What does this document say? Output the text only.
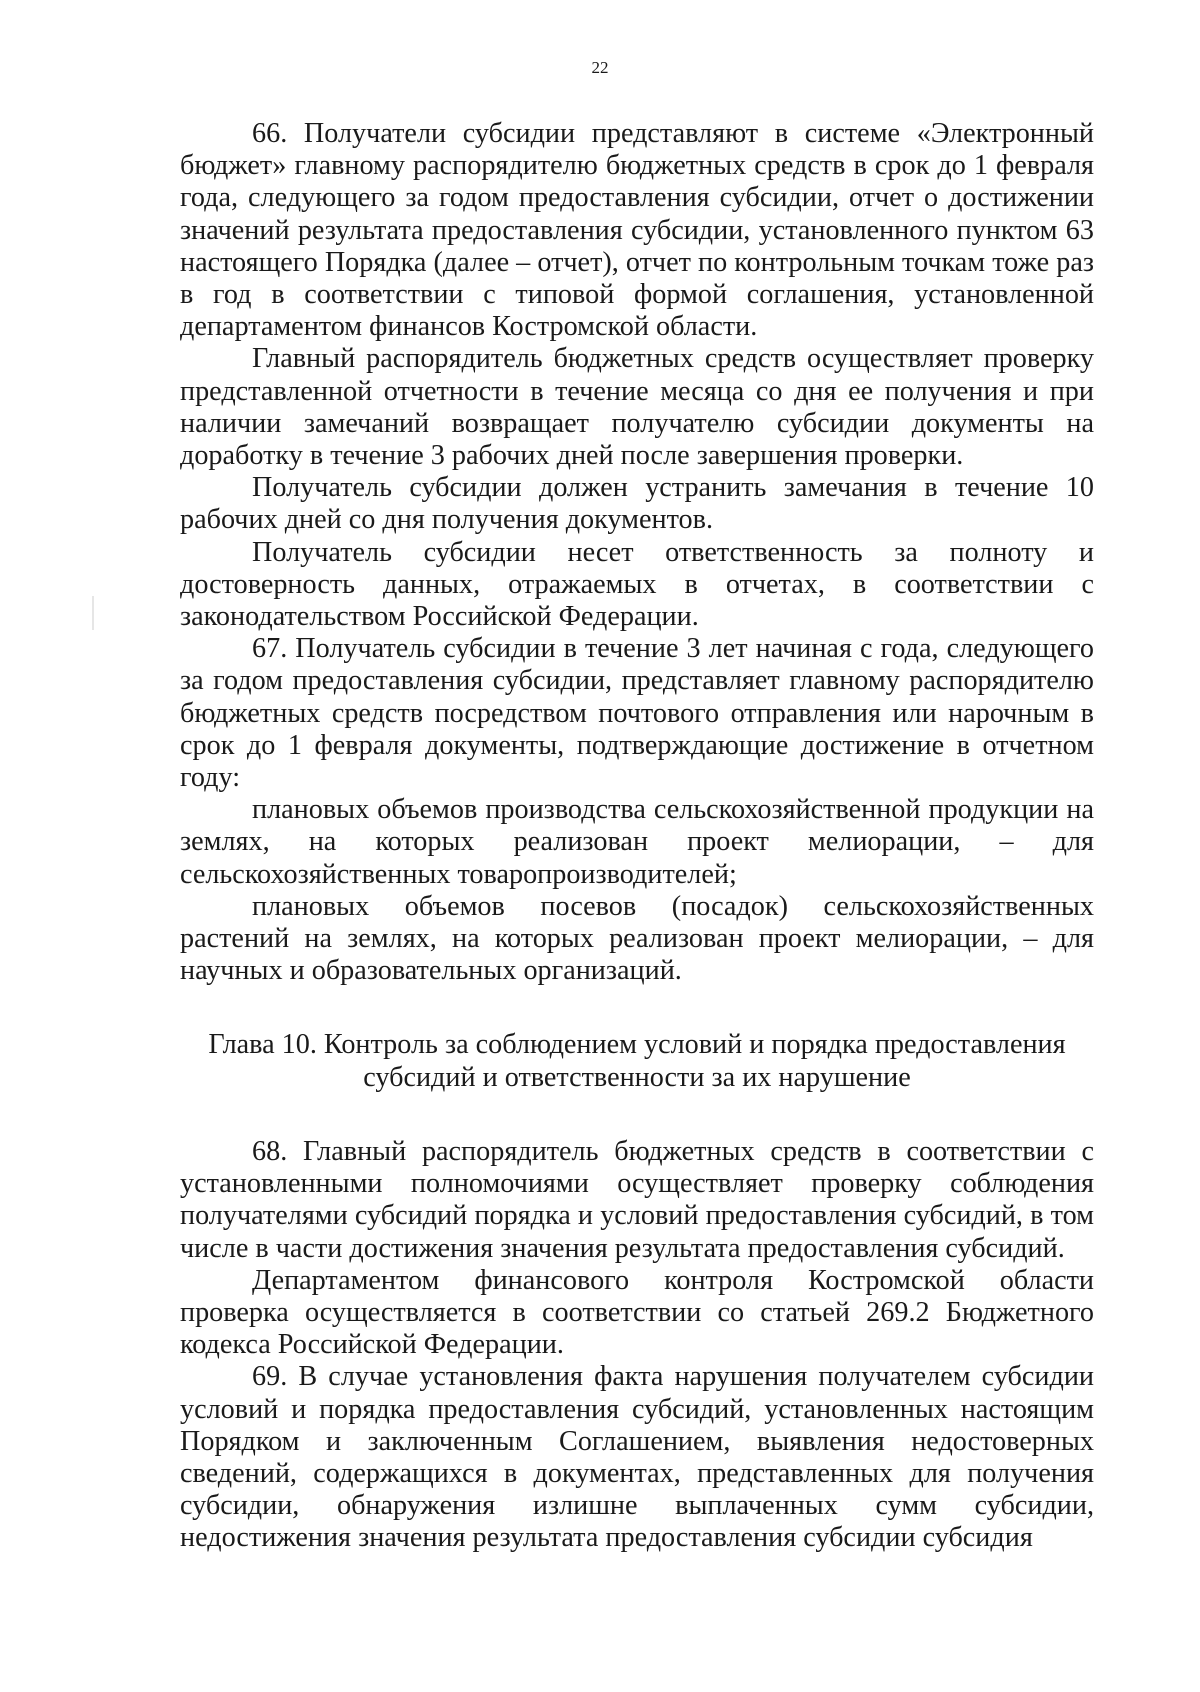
22

66. Получатели субсидии представляют в системе «Электронный бюджет» главному распорядителю бюджетных средств в срок до 1 февраля года, следующего за годом предоставления субсидии, отчет о достижении значений результата предоставления субсидии, установленного пунктом 63 настоящего Порядка (далее – отчет), отчет по контрольным точкам тоже раз в год в соответствии с типовой формой соглашения, установленной департаментом финансов Костромской области.

Главный распорядитель бюджетных средств осуществляет проверку представленной отчетности в течение месяца со дня ее получения и при наличии замечаний возвращает получателю субсидии документы на доработку в течение 3 рабочих дней после завершения проверки.

Получатель субсидии должен устранить замечания в течение 10 рабочих дней со дня получения документов.

Получатель субсидии несет ответственность за полноту и достоверность данных, отражаемых в отчетах, в соответствии с законодательством Российской Федерации.

67. Получатель субсидии в течение 3 лет начиная с года, следующего за годом предоставления субсидии, представляет главному распорядителю бюджетных средств посредством почтового отправления или нарочным в срок до 1 февраля документы, подтверждающие достижение в отчетном году:

плановых объемов производства сельскохозяйственной продукции на землях, на которых реализован проект мелиорации, – для сельскохозяйственных товаропроизводителей;

плановых объемов посевов (посадок) сельскохозяйственных растений на землях, на которых реализован проект мелиорации, – для научных и образовательных организаций.

Глава 10. Контроль за соблюдением условий и порядка предоставления субсидий и ответственности за их нарушение

68. Главный распорядитель бюджетных средств в соответствии с установленными полномочиями осуществляет проверку соблюдения получателями субсидий порядка и условий предоставления субсидий, в том числе в части достижения значения результата предоставления субсидий.

Департаментом финансового контроля Костромской области проверка осуществляется в соответствии со статьей 269.2 Бюджетного кодекса Российской Федерации.

69. В случае установления факта нарушения получателем субсидии условий и порядка предоставления субсидий, установленных настоящим Порядком и заключенным Соглашением, выявления недостоверных сведений, содержащихся в документах, представленных для получения субсидии, обнаружения излишне выплаченных сумм субсидии, недостижения значения результата предоставления субсидии субсидия
